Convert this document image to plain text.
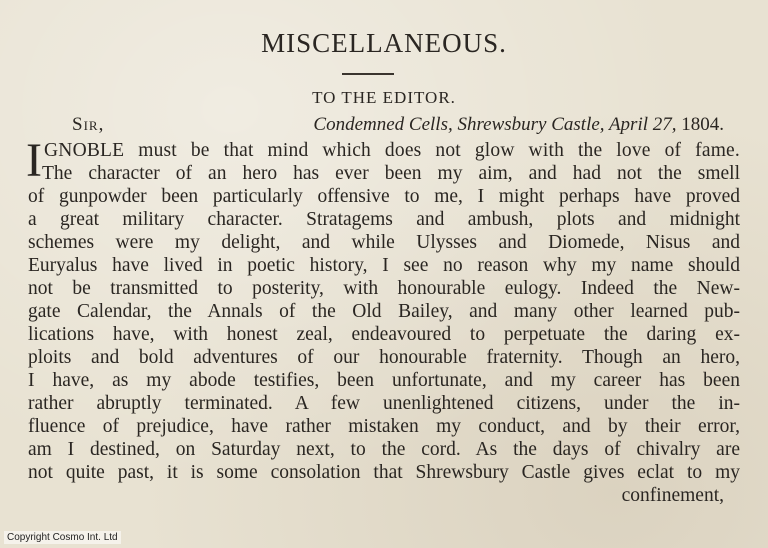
MISCELLANEOUS.
TO THE EDITOR.
Sir,	Condemned Cells, Shrewsbury Castle, April 27, 1804.
I GNOBLE must be that mind which does not glow with the love of fame.
The character of an hero has ever been my aim, and had not the smell
of gunpowder been particularly offensive to me, I might perhaps have proved
a great military character. Stratagems and ambush, plots and midnight
schemes were my delight, and while Ulysses and Diomede, Nisus and
Euryalus have lived in poetic history, I see no reason why my name should
not be transmitted to posterity, with honourable eulogy. Indeed the New-
gate Calendar, the Annals of the Old Bailey, and many other learned pub-
lications have, with honest zeal, endeavoured to perpetuate the daring ex-
ploits and bold adventures of our honourable fraternity. Though an hero,
I have, as my abode testifies, been unfortunate, and my career has been
rather abruptly terminated. A few unenlightened citizens, under the in-
fluence of prejudice, have rather mistaken my conduct, and by their error,
am I destined, on Saturday next, to the cord. As the days of chivalry are
not quite past, it is some consolation that Shrewsbury Castle gives eclat to my
confinement,
Copyright Cosmo Int. Ltd
